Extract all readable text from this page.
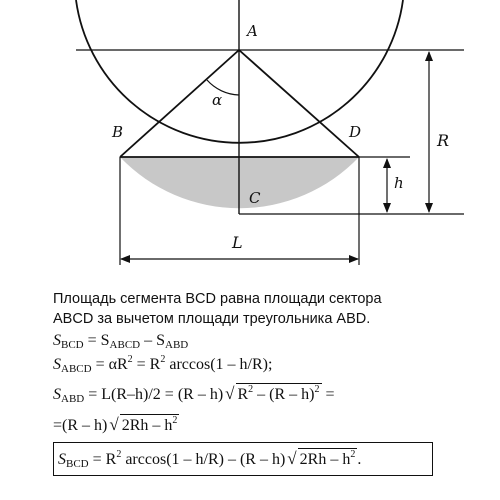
A
B
C
D
α
R
h
L
Площадь сегмента BCD равна площади сектора
ABCD за вычетом площади треугольника ABD.
$S_{BCD} = S_{ABCD} - S_{ABD}$
$S_{ABCD} = \alpha R^2 = R^2$ arccos(1 – h/R);
$S_{ABD} = L(R-h)/2 = (R - h)$ √ $R^2 - (R - h)^2$ =
=(R – h) √ $2Rh - h^2$
$S_{BCD} = R^2$ arccos(1 – h/R) – (R – h) √ $2Rh - h^2$ .
